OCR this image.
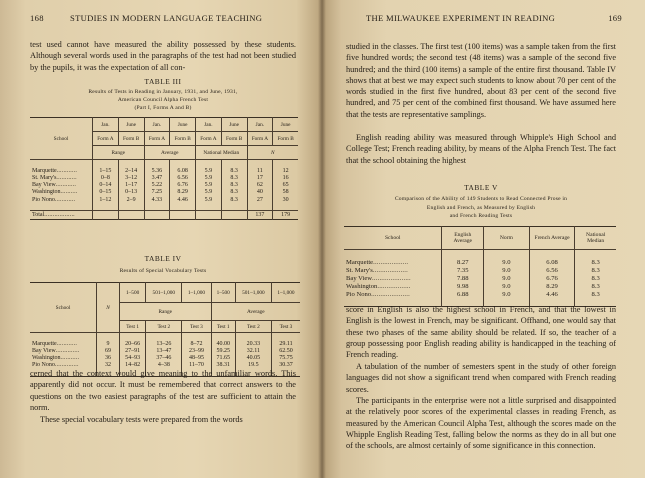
168	STUDIES IN MODERN LANGUAGE TEACHING
test used cannot have measured the ability possessed by these students. Although several words used in the paragraphs of the test had not been studied by the pupils, it was the expectation of all con-
TABLE III
Results of Tests in Reading in January, 1931, and June, 1931,
American Council Alpha French Test
(Part I, Forms A and B)
School	Jan.	June	Jan.	June	Jan.	June	Jan.	June
	Form A	Form B	Form A	Form B	Form A	Form B	Form A	Form B
	Range		Average		National Median		N	

Marquette............	1–15	2–14	5.36	6.08	5.9	8.3	11	12
St. Mary's............	0–8	3–12	3.47	6.56	5.9	8.3	17	16
Bay View............	0–14	1–17	5.22	6.76	5.9	8.3	62	65
Washington..........	0–15	0–13	7.25	8.29	5.9	8.3	40	58
Pio Nono............	1–12	2–9	4.33	4.46	5.9	8.3	27	30

Total..................							137	179
TABLE IV
Results of Special Vocabulary Tests
School	N	1–500	501–1,000	1–1,000	1–500	501–1,000	1–1,000
		Range			Average		
		Test 1	Test 2	Test 3	Test 1	Test 2	Test 3

Marquette............	9	20–66	13–26	8–72	40.00	20.33	29.11
Bay View..............	69	27–91	13–47	23–99	59.25	32.11	62.50
Washington...........	36	54–93	37–46	48–95	71.65	40.05	75.75
Pio Nono..............	32	14–82	4–38	11–70	38.31	19.5	30.37

cerned that the context would give meaning to the unfamiliar words. This apparently did not occur. It must be remembered that correct answers to the questions on the two easiest paragraphs of the test are sufficient to attain the norm.
These special vocabulary tests were prepared from the words
THE MILWAUKEE EXPERIMENT IN READING	169
studied in the classes. The first test (100 items) was a sample taken from the first five hundred words; the second test (48 items) was a sample of the second five hundred; and the third (100 items) a sample of the entire first thousand. Table IV shows that at best we may expect such students to know about 70 per cent of the words studied in the first five hundred, about 83 per cent of the second five hundred, and 75 per cent of the combined first thousand. We have assumed here that the tests are representative samplings.
English reading ability was measured through Whipple's High School and College Test; French reading ability, by means of the Alpha French Test. The fact that the school obtaining the highest
TABLE V
Comparison of the Ability of 149 Students to Read Connected Prose in
English and French, as Measured by English
and French Reading Tests
School	English Average	Norm	French Average	National Median

Marquette...................	8.27	9.0	6.08	8.3
St. Mary's...................	7.35	9.0	6.56	8.3
Bay View.....................	7.88	9.0	6.76	8.3
Washington..................	9.98	9.0	8.29	8.3
Pio Nono.....................	6.88	9.0	4.46	8.3

score in English is also the highest school in French, and that the lowest in English is the lowest in French, may be significant. Offhand, one would say that these two phases of the same ability should be related. If so, the teacher of a group possessing poor English reading ability is handicapped in the teaching of French reading.
A tabulation of the number of semesters spent in the study of other foreign languages did not show a significant trend when compared with French reading scores.
The participants in the enterprise were not a little surprised and disappointed at the relatively poor scores of the experimental classes in reading French, as measured by the American Council Alpha Test, although the scores made on the Whipple English Reading Test, falling below the norms as they do in all but one of the schools, are almost certainly of some significance in this connection.
